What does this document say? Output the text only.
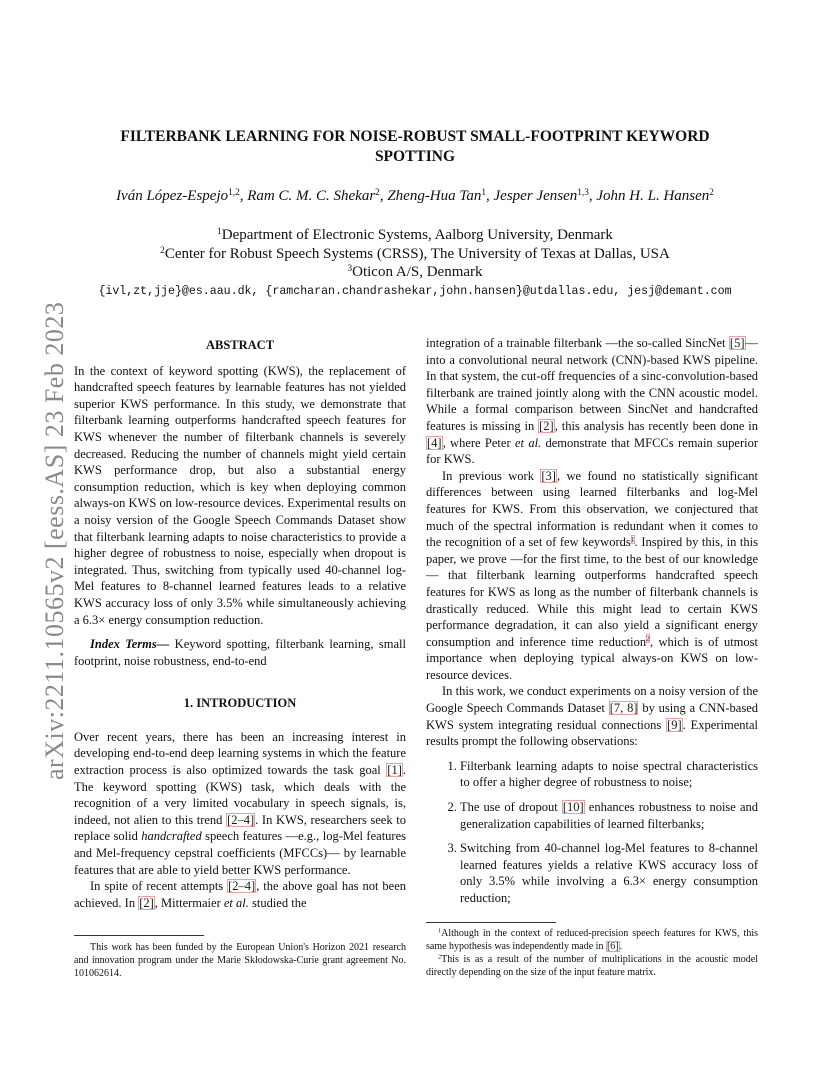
arXiv:2211.10565v2 [eess.AS] 23 Feb 2023
FILTERBANK LEARNING FOR NOISE-ROBUST SMALL-FOOTPRINT KEYWORD
SPOTTING
Iván López-Espejo$^{1,2}$, Ram C. M. C. Shekar$^2$, Zheng-Hua Tan$^1$, Jesper Jensen$^{1,3}$, John H. L. Hansen$^2$
$^1$Department of Electronic Systems, Aalborg University, Denmark
$^2$Center for Robust Speech Systems (CRSS), The University of Texas at Dallas, USA
$^3$Oticon A/S, Denmark
{ivl,zt,jje}@es.aau.dk, {ramcharan.chandrashekar,john.hansen}@utdallas.edu, jesj@demant.com

ABSTRACT

In the context of keyword spotting (KWS), the replacement of handcrafted speech features by learnable features has not yielded superior KWS performance. In this study, we demonstrate that filterbank learning outperforms handcrafted speech features for KWS whenever the number of filterbank channels is severely decreased. Reducing the number of channels might yield certain KWS performance drop, but also a substantial energy consumption reduction, which is key when deploying common always-on KWS on low-resource devices. Experimental results on a noisy version of the Google Speech Commands Dataset show that filterbank learning adapts to noise characteristics to provide a higher degree of robustness to noise, especially when dropout is integrated. Thus, switching from typically used 40-channel log-Mel features to 8-channel learned features leads to a relative KWS accuracy loss of only 3.5% while simultaneously achieving a 6.3× energy consumption reduction.

Index Terms— Keyword spotting, filterbank learning, small footprint, noise robustness, end-to-end

1. INTRODUCTION

Over recent years, there has been an increasing interest in developing end-to-end deep learning systems in which the feature extraction process is also optimized towards the task goal [1]. The keyword spotting (KWS) task, which deals with the recognition of a very limited vocabulary in speech signals, is, indeed, not alien to this trend [2–4]. In KWS, researchers seek to replace solid handcrafted speech features —e.g., log-Mel features and Mel-frequency cepstral coefficients (MFCCs)— by learnable features that are able to yield better KWS performance.

In spite of recent attempts [2–4], the above goal has not been achieved. In [2], Mittermaier et al. studied the

This work has been funded by the European Union's Horizon 2021 research and innovation program under the Marie Skłodowska-Curie grant agreement No. 101062614.

integration of a trainable filterbank —the so-called SincNet [5]— into a convolutional neural network (CNN)-based KWS pipeline. In that system, the cut-off frequencies of a sinc-convolution-based filterbank are trained jointly along with the CNN acoustic model. While a formal comparison between SincNet and handcrafted features is missing in [2], this analysis has recently been done in [4], where Peter et al. demonstrate that MFCCs remain superior for KWS.

In previous work [3], we found no statistically significant differences between using learned filterbanks and log-Mel features for KWS. From this observation, we conjectured that much of the spectral information is redundant when it comes to the recognition of a set of few keywords$^1$. Inspired by this, in this paper, we prove —for the first time, to the best of our knowledge— that filterbank learning outperforms handcrafted speech features for KWS as long as the number of filterbank channels is drastically reduced. While this might lead to certain KWS performance degradation, it can also yield a significant energy consumption and inference time reduction$^2$, which is of utmost importance when deploying typical always-on KWS on low-resource devices.

In this work, we conduct experiments on a noisy version of the Google Speech Commands Dataset [7, 8] by using a CNN-based KWS system integrating residual connections [9]. Experimental results prompt the following observations:

1. Filterbank learning adapts to noise spectral characteristics to offer a higher degree of robustness to noise;
2. The use of dropout [10] enhances robustness to noise and generalization capabilities of learned filterbanks;
3. Switching from 40-channel log-Mel features to 8-channel learned features yields a relative KWS accuracy loss of only 3.5% while involving a 6.3× energy consumption reduction;
$^1$Although in the context of reduced-precision speech features for KWS, this same hypothesis was independently made in [6].
$^2$This is as a result of the number of multiplications in the acoustic model directly depending on the size of the input feature matrix.
